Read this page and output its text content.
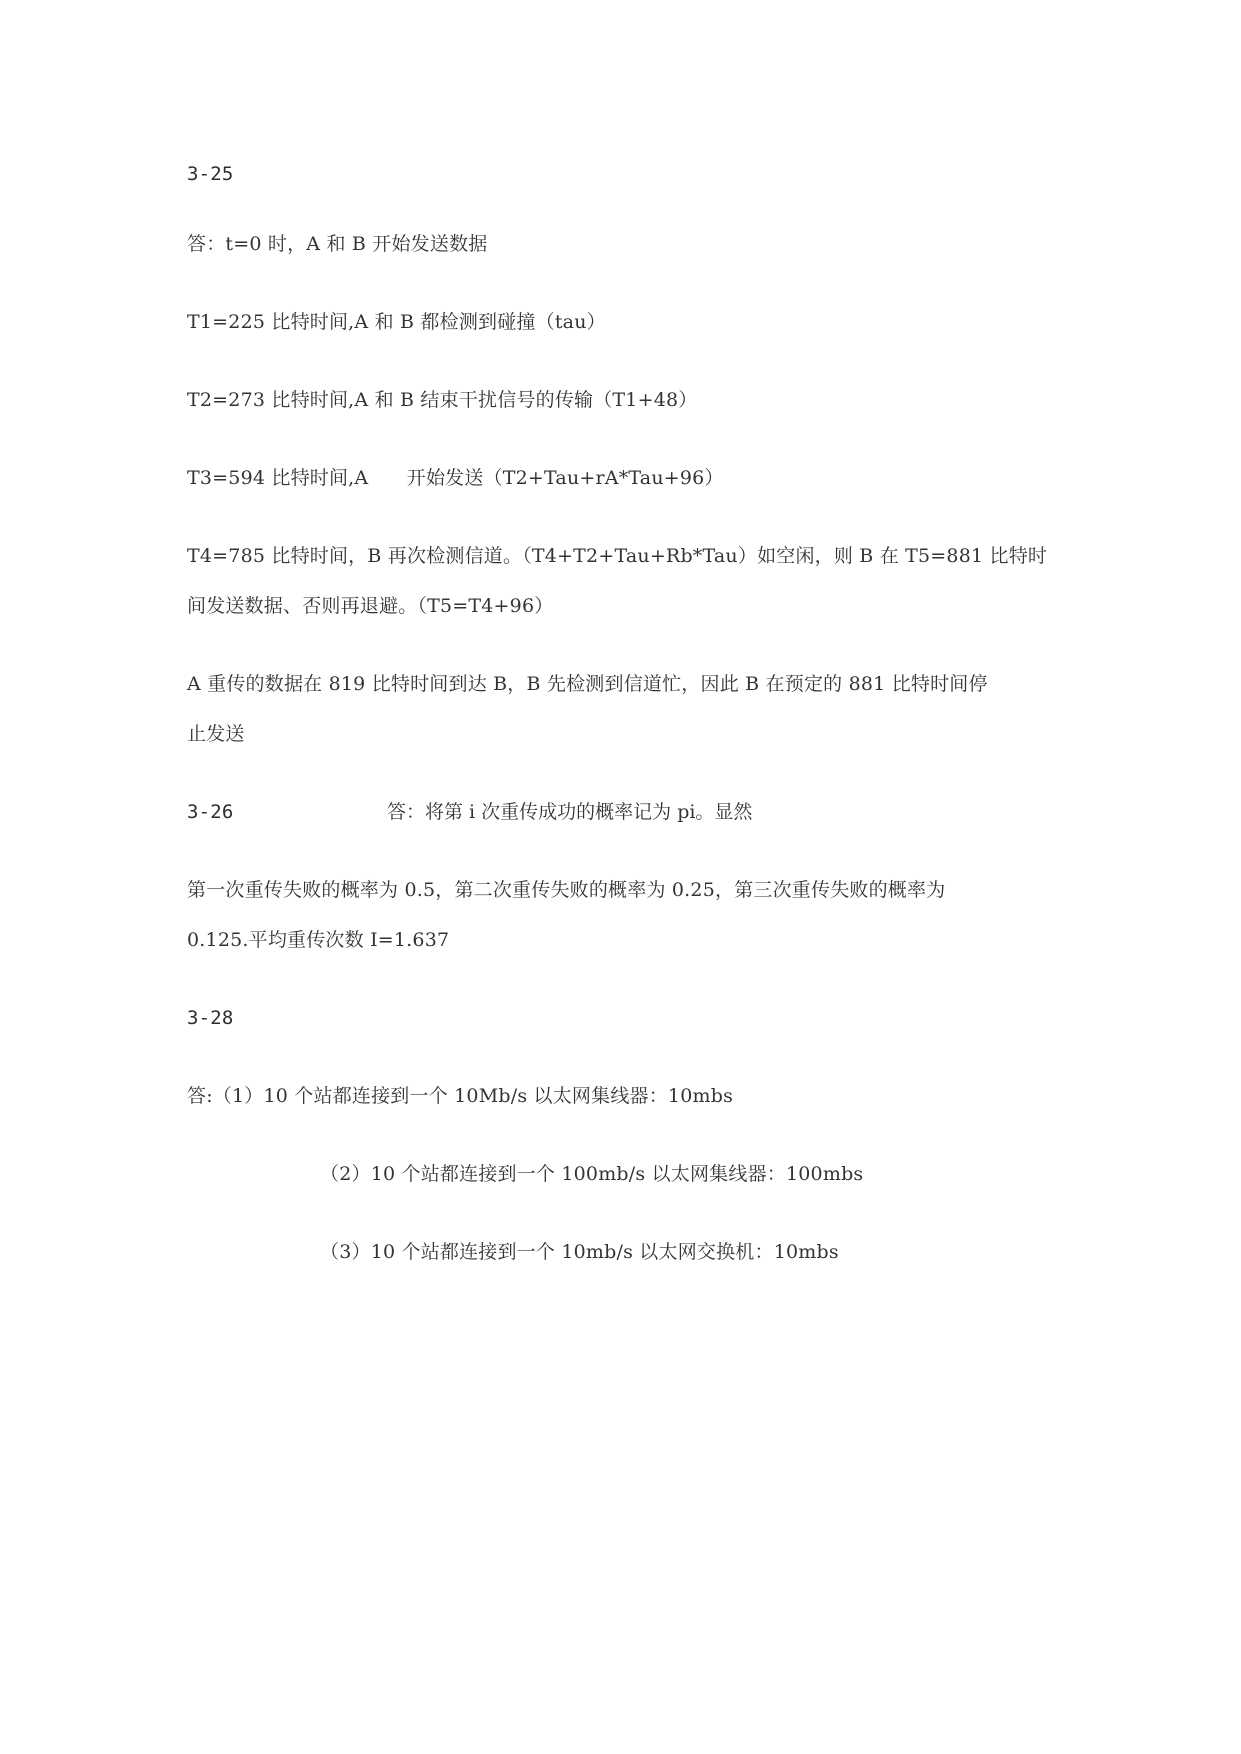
3-25
答：t=0 时，A 和 B 开始发送数据
T1=225 比特时间,A 和 B 都检测到碰撞（tau）
T2=273 比特时间,A 和 B 结束干扰信号的传输（T1+48）
T3=594 比特时间,A　　开始发送（T2+Tau+rA*Tau+96）
T4=785 比特时间，B 再次检测信道。（T4+T2+Tau+Rb*Tau）如空闲，则 B 在 T5=881 比特时
间发送数据、否则再退避。（T5=T4+96）
A 重传的数据在 819 比特时间到达 B，B 先检测到信道忙，因此 B 在预定的 881 比特时间停
止发送
3-26	答：将第 i 次重传成功的概率记为 pi。显然
第一次重传失败的概率为 0.5，第二次重传失败的概率为 0.25，第三次重传失败的概率为
0.125.平均重传次数 I=1.637
3-28
答:（1）10 个站都连接到一个 10Mb/s 以太网集线器：10mbs
（2）10 个站都连接到一个 100mb/s 以太网集线器：100mbs
（3）10 个站都连接到一个 10mb/s 以太网交换机：10mbs
